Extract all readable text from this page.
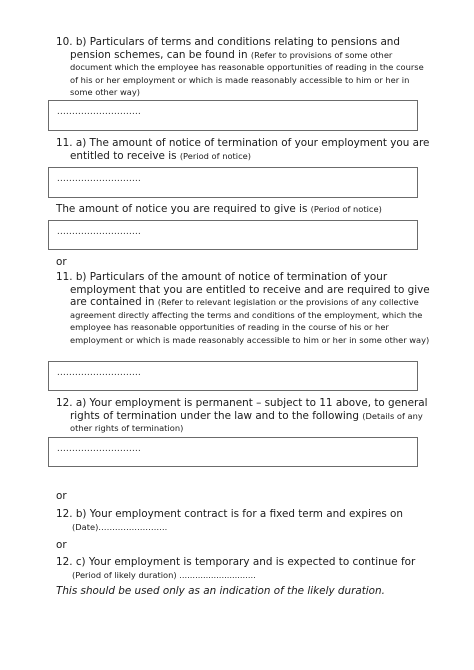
10. b) Particulars of terms and conditions relating to pensions and pension schemes, can be found in (Refer to provisions of some other document which the employee has reasonable opportunities of reading in the course of his or her employment or which is made reasonably accessible to him or her in some other way)
............................
11. a) The amount of notice of termination of your employment you are entitled to receive is (Period of notice)
............................
The amount of notice you are required to give is (Period of notice)
............................
or
11. b) Particulars of the amount of notice of termination of your employment that you are entitled to receive and are required to give are contained in (Refer to relevant legislation or the provisions of any collective agreement directly affecting the terms and conditions of the employment, which the employee has reasonable opportunities of reading in the course of his or her employment or which is made reasonably accessible to him or her in some other way)
............................
12. a) Your employment is permanent – subject to 11 above, to general rights of termination under the law and to the following (Details of any other rights of termination)
............................
or
12. b) Your employment contract is for a fixed term and expires on
(Date)…………………….
or
12. c) Your employment is temporary and is expected to continue for
(Period of likely duration) .............................
This should be used only as an indication of the likely duration.
